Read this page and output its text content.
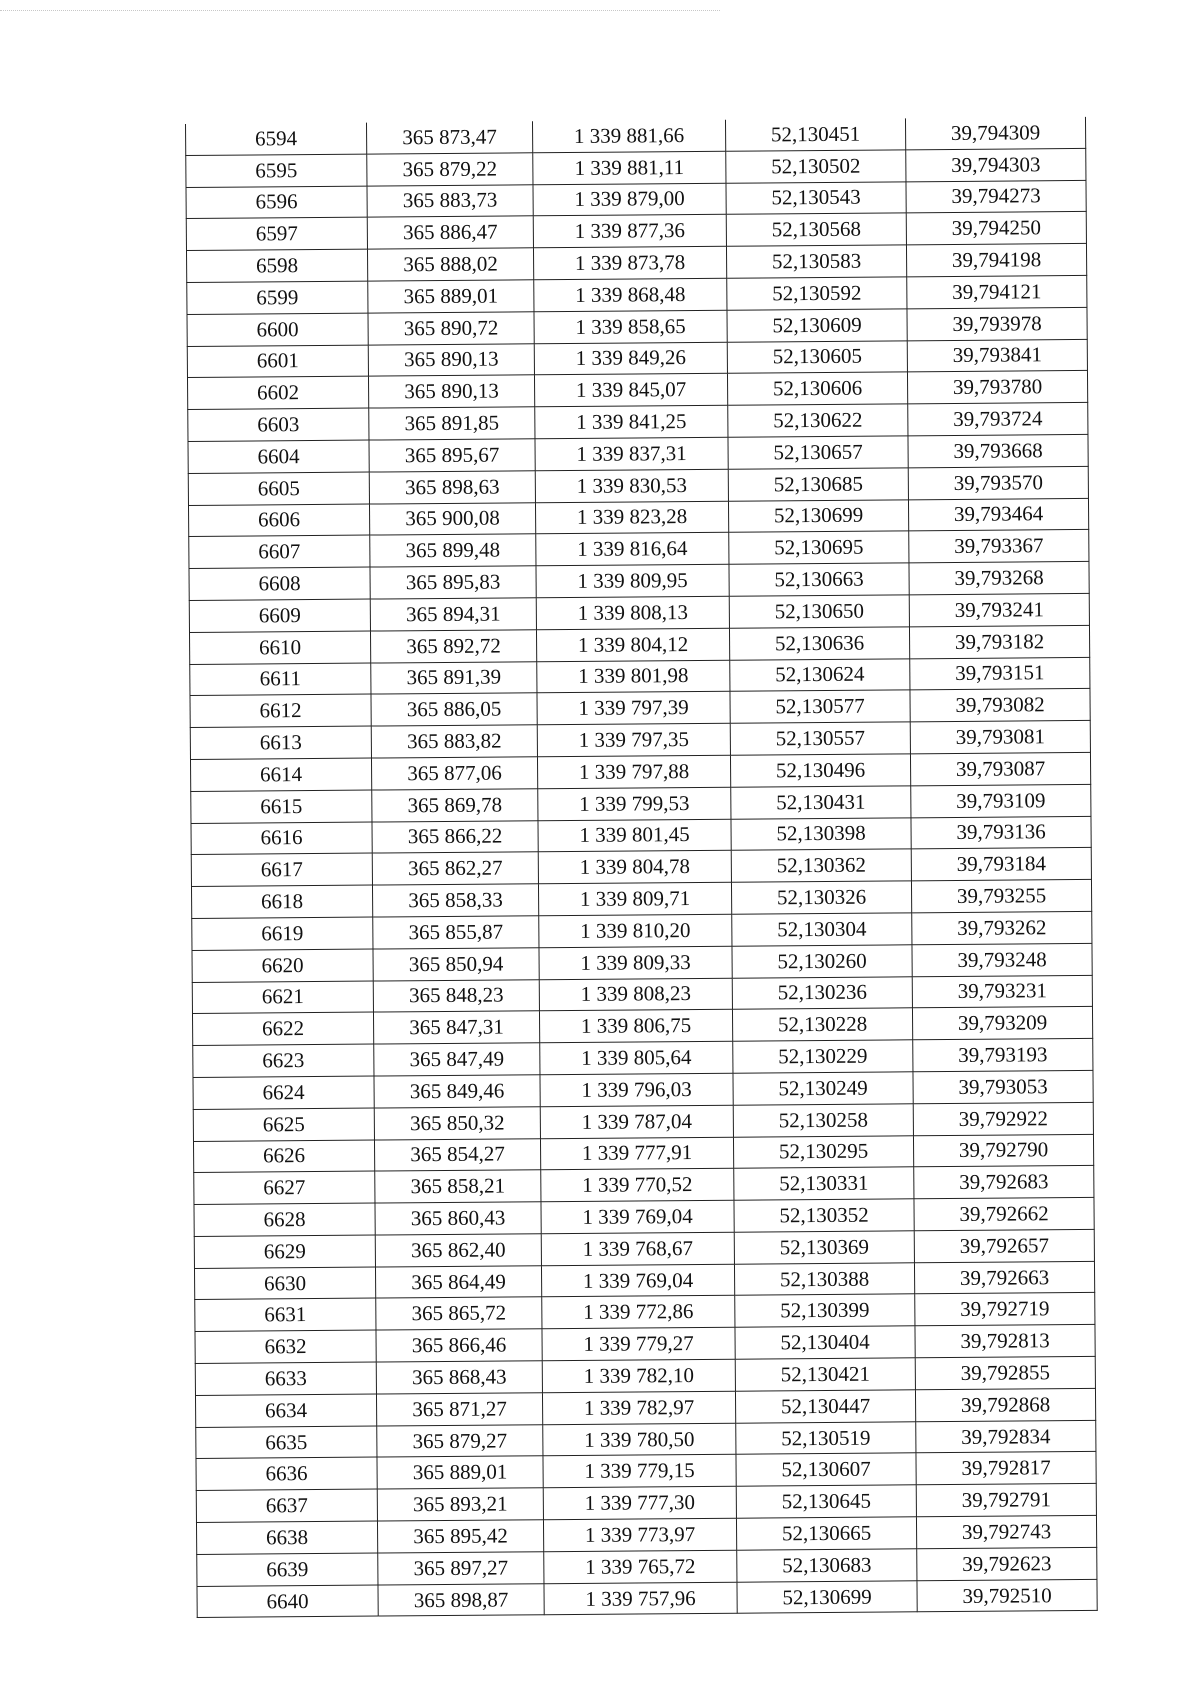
6594	365 873,47	1 339 881,66	52,130451	39,794309
6595	365 879,22	1 339 881,11	52,130502	39,794303
6596	365 883,73	1 339 879,00	52,130543	39,794273
6597	365 886,47	1 339 877,36	52,130568	39,794250
6598	365 888,02	1 339 873,78	52,130583	39,794198
6599	365 889,01	1 339 868,48	52,130592	39,794121
6600	365 890,72	1 339 858,65	52,130609	39,793978
6601	365 890,13	1 339 849,26	52,130605	39,793841
6602	365 890,13	1 339 845,07	52,130606	39,793780
6603	365 891,85	1 339 841,25	52,130622	39,793724
6604	365 895,67	1 339 837,31	52,130657	39,793668
6605	365 898,63	1 339 830,53	52,130685	39,793570
6606	365 900,08	1 339 823,28	52,130699	39,793464
6607	365 899,48	1 339 816,64	52,130695	39,793367
6608	365 895,83	1 339 809,95	52,130663	39,793268
6609	365 894,31	1 339 808,13	52,130650	39,793241
6610	365 892,72	1 339 804,12	52,130636	39,793182
6611	365 891,39	1 339 801,98	52,130624	39,793151
6612	365 886,05	1 339 797,39	52,130577	39,793082
6613	365 883,82	1 339 797,35	52,130557	39,793081
6614	365 877,06	1 339 797,88	52,130496	39,793087
6615	365 869,78	1 339 799,53	52,130431	39,793109
6616	365 866,22	1 339 801,45	52,130398	39,793136
6617	365 862,27	1 339 804,78	52,130362	39,793184
6618	365 858,33	1 339 809,71	52,130326	39,793255
6619	365 855,87	1 339 810,20	52,130304	39,793262
6620	365 850,94	1 339 809,33	52,130260	39,793248
6621	365 848,23	1 339 808,23	52,130236	39,793231
6622	365 847,31	1 339 806,75	52,130228	39,793209
6623	365 847,49	1 339 805,64	52,130229	39,793193
6624	365 849,46	1 339 796,03	52,130249	39,793053
6625	365 850,32	1 339 787,04	52,130258	39,792922
6626	365 854,27	1 339 777,91	52,130295	39,792790
6627	365 858,21	1 339 770,52	52,130331	39,792683
6628	365 860,43	1 339 769,04	52,130352	39,792662
6629	365 862,40	1 339 768,67	52,130369	39,792657
6630	365 864,49	1 339 769,04	52,130388	39,792663
6631	365 865,72	1 339 772,86	52,130399	39,792719
6632	365 866,46	1 339 779,27	52,130404	39,792813
6633	365 868,43	1 339 782,10	52,130421	39,792855
6634	365 871,27	1 339 782,97	52,130447	39,792868
6635	365 879,27	1 339 780,50	52,130519	39,792834
6636	365 889,01	1 339 779,15	52,130607	39,792817
6637	365 893,21	1 339 777,30	52,130645	39,792791
6638	365 895,42	1 339 773,97	52,130665	39,792743
6639	365 897,27	1 339 765,72	52,130683	39,792623
6640	365 898,87	1 339 757,96	52,130699	39,792510
